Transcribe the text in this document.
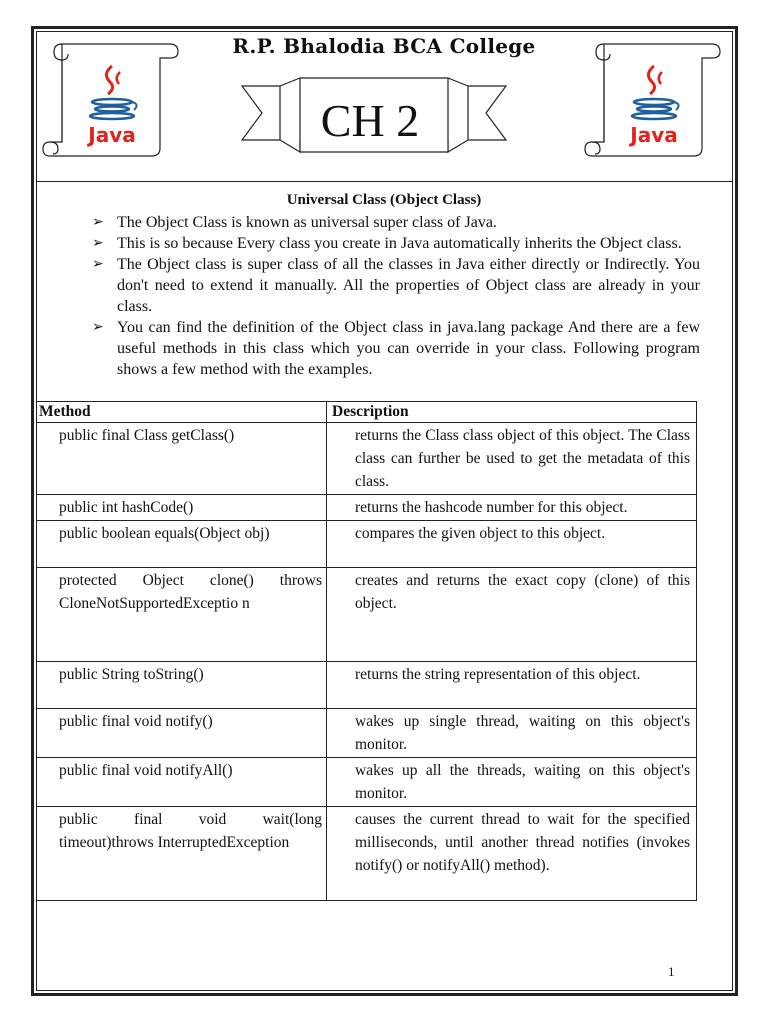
R.P. Bhalodia BCA College
Java	Java
CH 2
Universal Class (Object Class)
➢ The Object Class is known as universal super class of Java.
➢ This is so because Every class you create in Java automatically inherits the Object class.
➢ The Object class is super class of all the classes in Java either directly or Indirectly. You don't need to extend it manually. All the properties of Object class are already in your class.
➢ You can find the definition of the Object class in java.lang package And there are a few useful methods in this class which you can override in your class. Following program shows a few method with the examples.
Method	Description
public final Class getClass()	returns the Class class object of this object. The Class class can further be used to get the metadata of this class.
public int hashCode()	returns the hashcode number for this object.
public boolean equals(Object obj)	compares the given object to this object.
protected Object clone() throws CloneNotSupportedExceptio n	creates and returns the exact copy (clone) of this object.
public String toString()	returns the string representation of this object.
public final void notify()	wakes up single thread, waiting on this object's monitor.
public final void notifyAll()	wakes up all the threads, waiting on this object's monitor.
public final void wait(long timeout)throws InterruptedException	causes the current thread to wait for the specified milliseconds, until another thread notifies (invokes notify() or notifyAll() method).
1
